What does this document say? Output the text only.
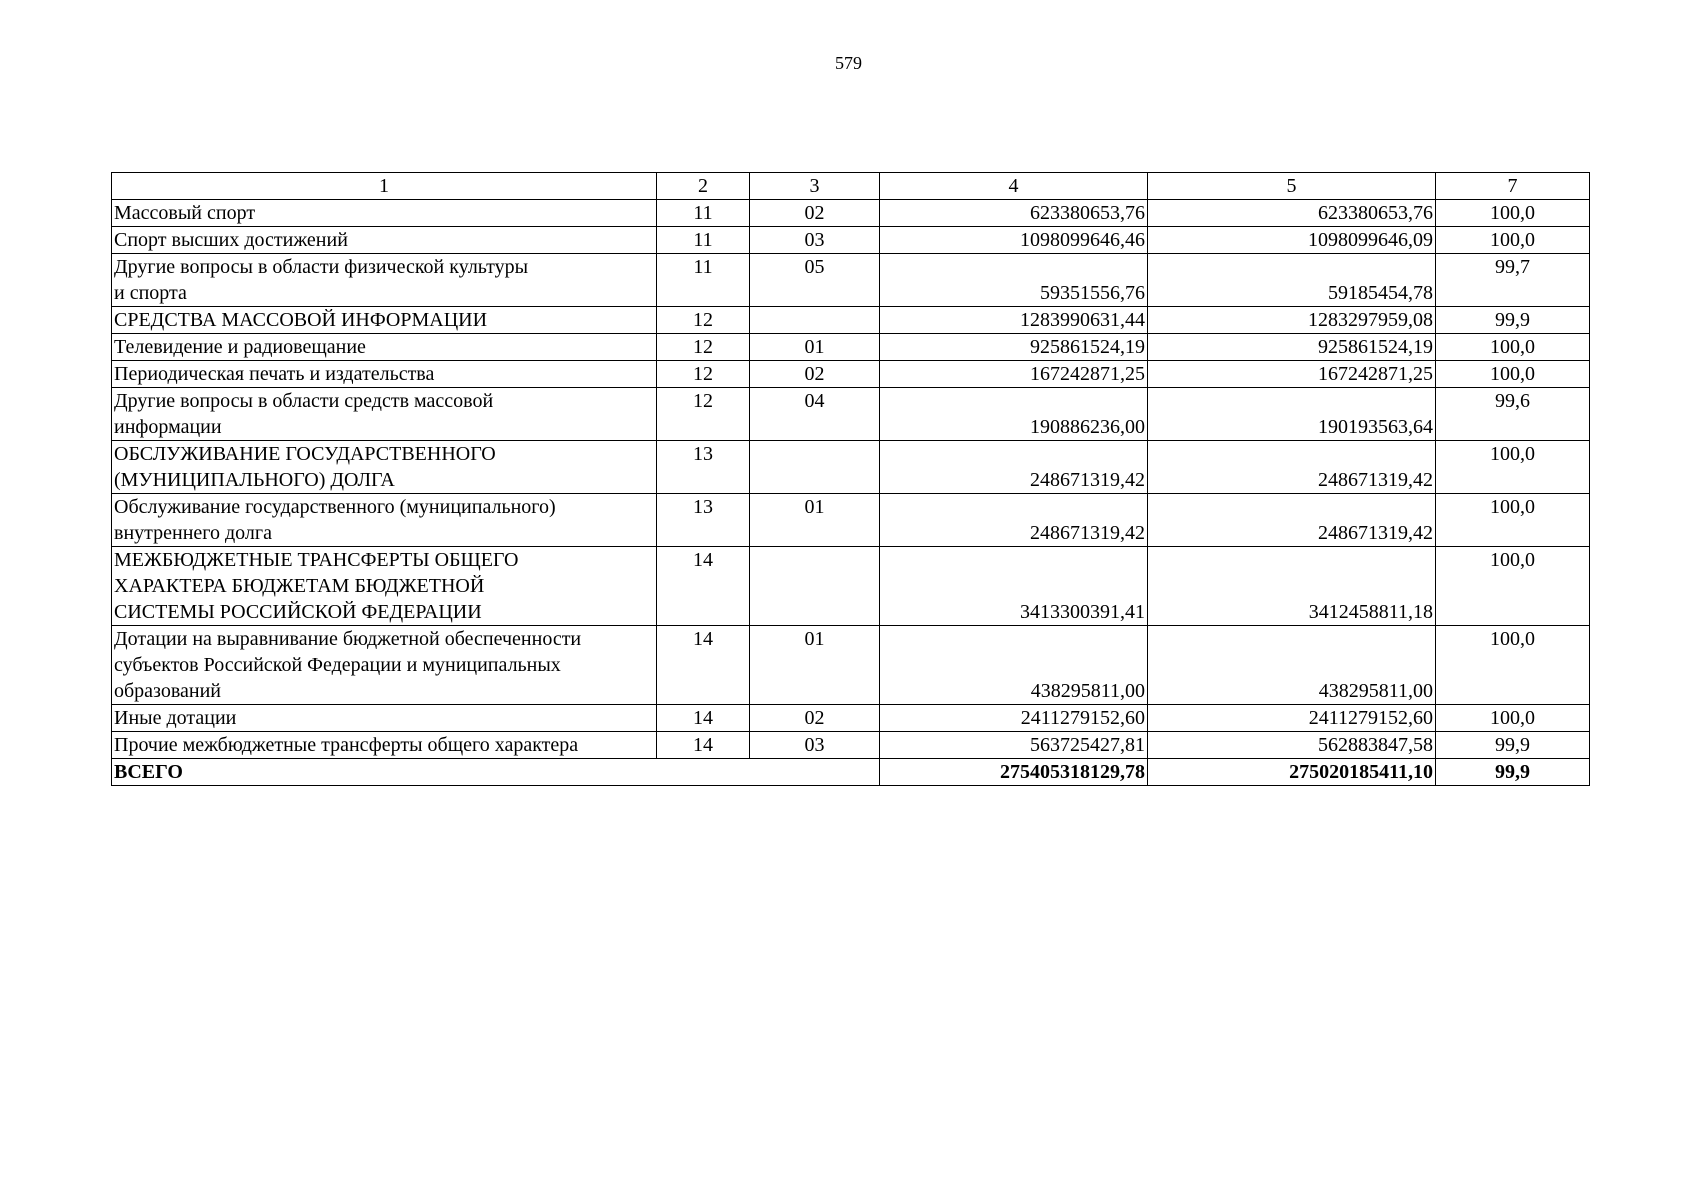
579
1	2	3	4	5	7
Массовый спорт	11	02	623380653,76	623380653,76	100,0
Спорт высших достижений	11	03	1098099646,46	1098099646,09	100,0
Другие вопросы в области физической культуры
и спорта	11	05	59351556,76	59185454,78	99,7
СРЕДСТВА МАССОВОЙ ИНФОРМАЦИИ	12		1283990631,44	1283297959,08	99,9
Телевидение и радиовещание	12	01	925861524,19	925861524,19	100,0
Периодическая печать и издательства	12	02	167242871,25	167242871,25	100,0
Другие вопросы в области средств массовой
информации	12	04	190886236,00	190193563,64	99,6
ОБСЛУЖИВАНИЕ ГОСУДАРСТВЕННОГО
(МУНИЦИПАЛЬНОГО) ДОЛГА	13		248671319,42	248671319,42	100,0
Обслуживание государственного (муниципального)
внутреннего долга	13	01	248671319,42	248671319,42	100,0
МЕЖБЮДЖЕТНЫЕ ТРАНСФЕРТЫ ОБЩЕГО
ХАРАКТЕРА БЮДЖЕТАМ БЮДЖЕТНОЙ
СИСТЕМЫ РОССИЙСКОЙ ФЕДЕРАЦИИ	14		3413300391,41	3412458811,18	100,0
Дотации на выравнивание бюджетной обеспеченности
субъектов Российской Федерации и муниципальных
образований	14	01	438295811,00	438295811,00	100,0
Иные дотации	14	02	2411279152,60	2411279152,60	100,0
Прочие межбюджетные трансферты общего характера	14	03	563725427,81	562883847,58	99,9
ВСЕГО			275405318129,78	275020185411,10	99,9
